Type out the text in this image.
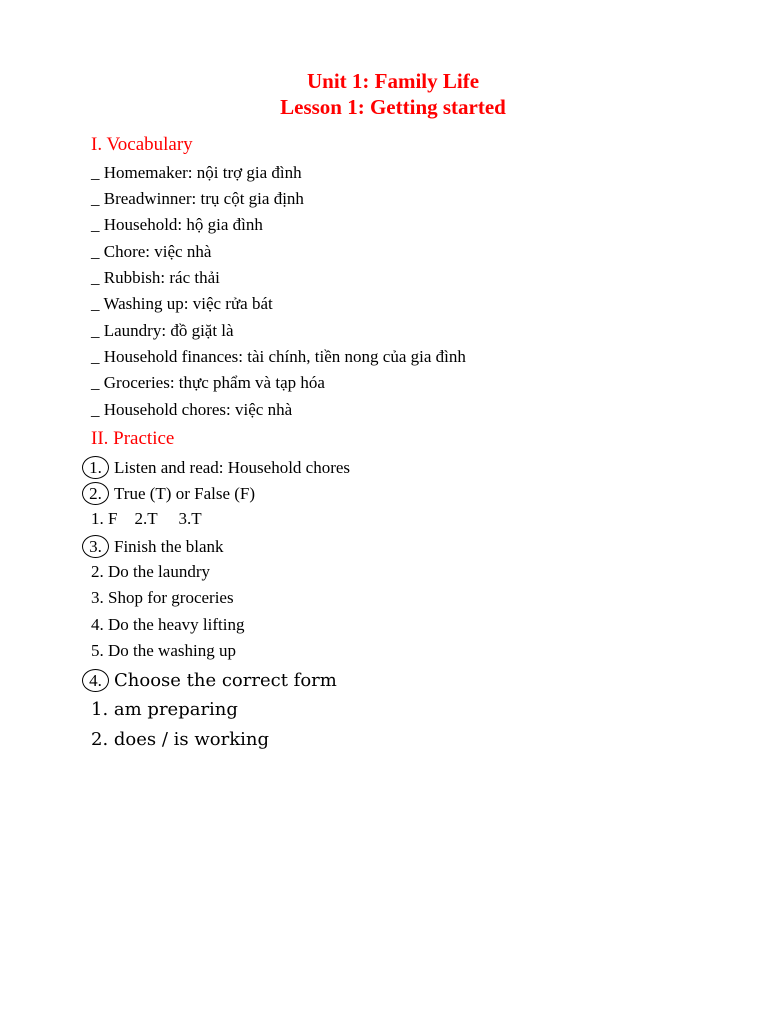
Unit 1: Family Life
Lesson 1: Getting started
I. Vocabulary
_ Homemaker: nội trợ gia đình
_ Breadwinner: trụ cột gia định
_ Household: hộ gia đình
_ Chore: việc nhà
_ Rubbish: rác thải
_ Washing up: việc rửa bát
_ Laundry: đồ giặt là
_ Household finances: tài chính, tiền nong của gia đình
_ Groceries: thực phẩm và tạp hóa
_ Household chores: việc nhà
II. Practice
1. Listen and read: Household chores
2. True (T) or False (F)
1. F    2.T     3.T
3. Finish the blank
2. Do the laundry
3. Shop for groceries
4. Do the heavy lifting
5. Do the washing up
4. Choose the correct form
1. am preparing
2. does / is working
